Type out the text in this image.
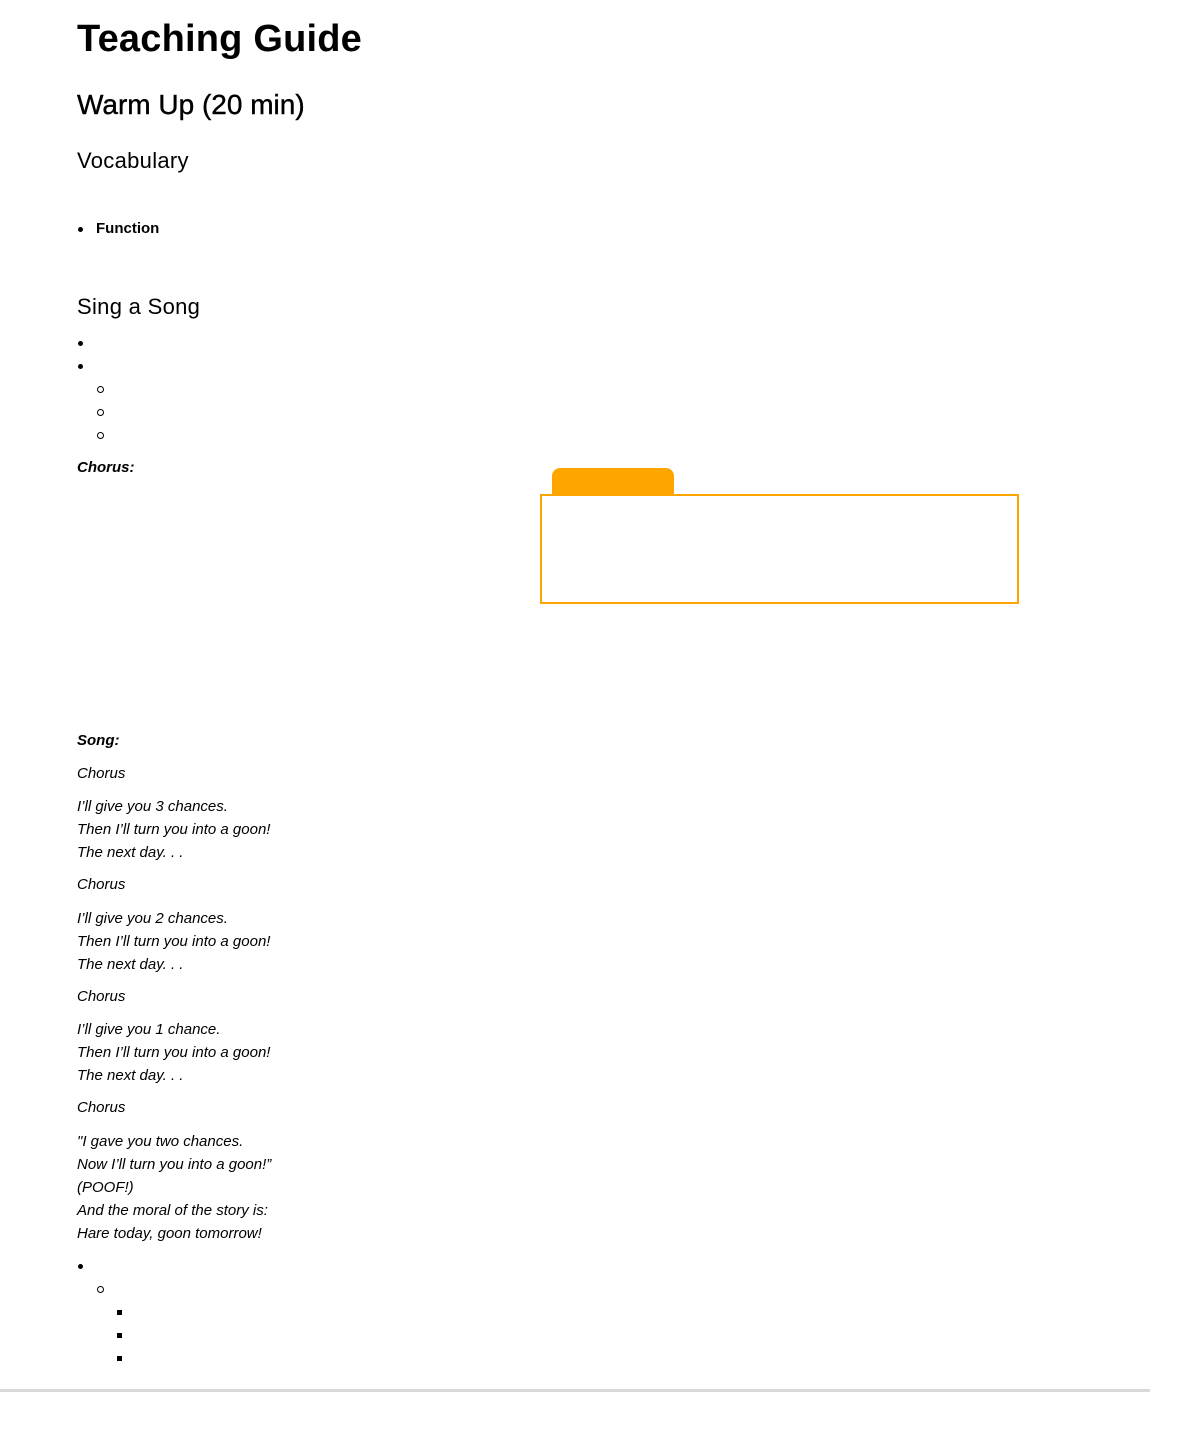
Teaching Guide
Warm Up (20 min)
Vocabulary
Function
Sing a Song

Chorus:

Song:

Chorus

I’ll give you 3 chances.

Then I’ll turn you into a goon!

The next day. . .

Chorus

I’ll give you 2 chances.

Then I’ll turn you into a goon!

The next day. . .

Chorus

I’ll give you 1 chance.

Then I’ll turn you into a goon!

The next day. . .

Chorus

"I gave you two chances.

Now I’ll turn you into a goon!”

(POOF!)

And the moral of the story is:

Hare today, goon tomorrow!
